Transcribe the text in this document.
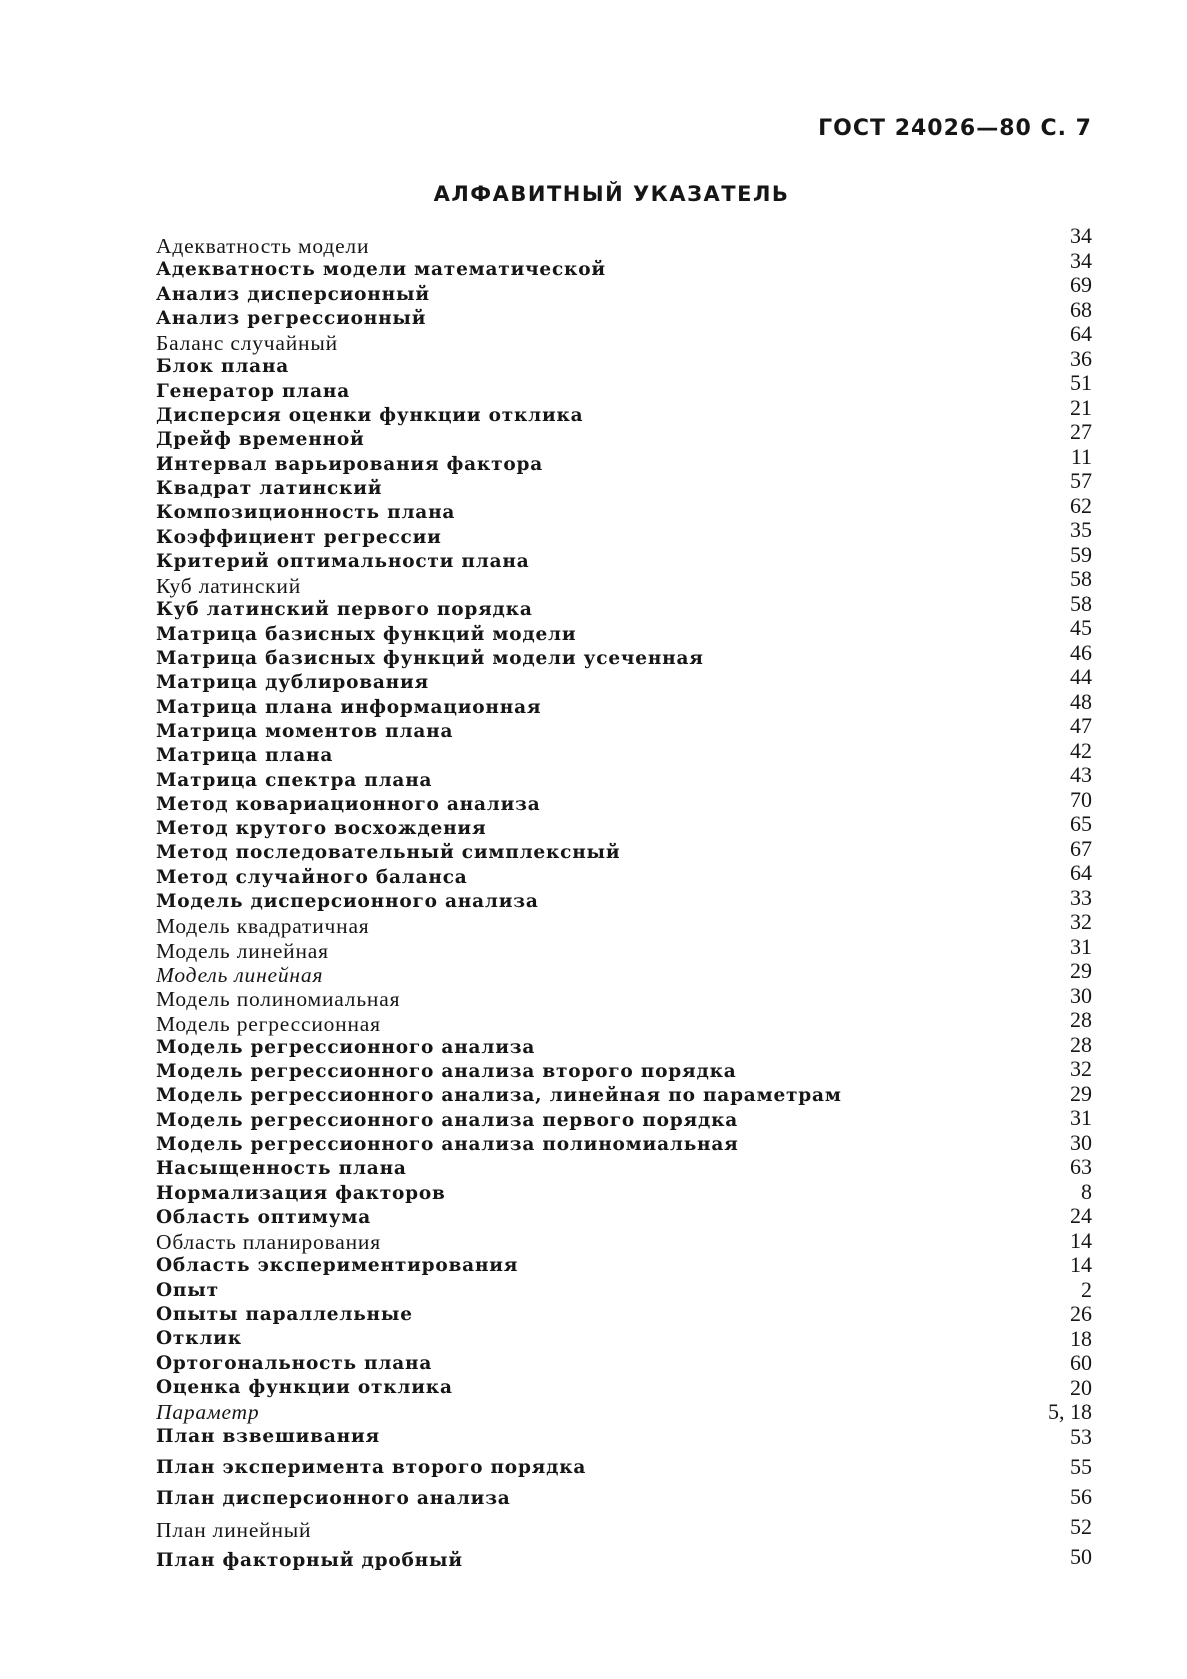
ГОСТ 24026—80 С. 7
АЛФАВИТНЫЙ УКАЗАТЕЛЬ
Адекватность модели
Адекватность модели математической
Анализ дисперсионный
Анализ регрессионный
Баланс случайный
Блок плана
Генератор плана
Дисперсия оценки функции отклика
Дрейф временной
Интервал варьирования фактора
Квадрат латинский
Композиционность плана
Коэффициент регрессии
Критерий оптимальности плана
Куб латинский
Куб латинский первого порядка
Матрица базисных функций модели
Матрица базисных функций модели усеченная
Матрица дублирования
Матрица плана информационная
Матрица моментов плана
Матрица плана
Матрица спектра плана
Метод ковариационного анализа
Метод крутого восхождения
Метод последовательный симплексный
Метод случайного баланса
Модель дисперсионного анализа
Модель квадратичная
Модель линейная
Модель линейная
Модель полиномиальная
Модель регрессионная
Модель регрессионного анализа
Модель регрессионного анализа второго порядка
Модель регрессионного анализа, линейная по параметрам
Модель регрессионного анализа первого порядка
Модель регрессионного анализа полиномиальная
Насыщенность плана
Нормализация факторов
Область оптимума
Область планирования
Область экспериментирования
Опыт
Опыты параллельные
Отклик
Ортогональность плана
Оценка функции отклика
Параметр
План взвешивания
План эксперимента второго порядка
План дисперсионного анализа
План линейный
План факторный дробный
34
34
69
68
64
36
51
21
27
11
57
62
35
59
58
58
45
46
44
48
47
42
43
70
65
67
64
33
32
31
29
30
28
28
32
29
31
30
63
8
24
14
14
2
26
18
60
20
5, 18
53
55
56
52
50
